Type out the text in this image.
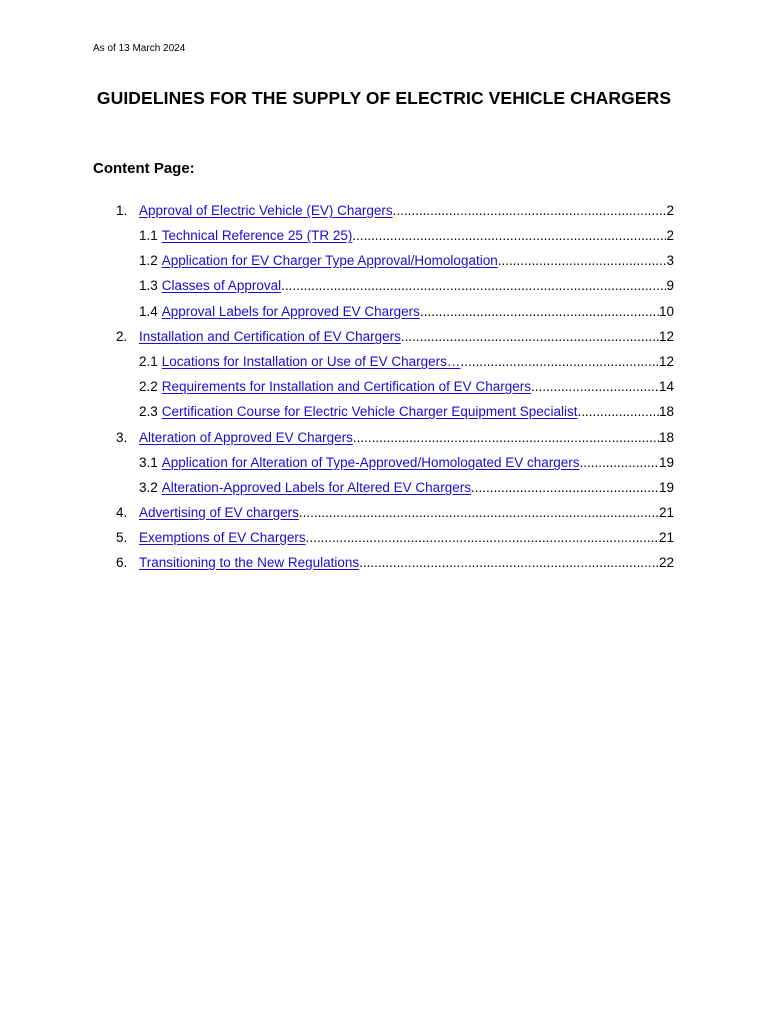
As of 13 March 2024
GUIDELINES FOR THE SUPPLY OF ELECTRIC VEHICLE CHARGERS
Content Page:
1. Approval of Electric Vehicle (EV) Chargers .....	2
1.1 Technical Reference 25 (TR 25) .....	2
1.2 Application for EV Charger Type Approval/Homologation .....	3
1.3 Classes of Approval .....	9
1.4 Approval Labels for Approved EV Chargers .....	10
2. Installation and Certification of EV Chargers .....	12
2.1 Locations for Installation or Use of EV Chargers… .....	12
2.2 Requirements for Installation and Certification of EV Chargers .....	14
2.3 Certification Course for Electric Vehicle Charger Equipment Specialist .....	18
3. Alteration of Approved EV Chargers .....	18
3.1 Application for Alteration of Type-Approved/Homologated EV chargers .....	19
3.2 Alteration-Approved Labels for Altered EV Chargers .....	19
4. Advertising of EV chargers .....	21
5. Exemptions of EV Chargers .....	21
6. Transitioning to the New Regulations .....	22
